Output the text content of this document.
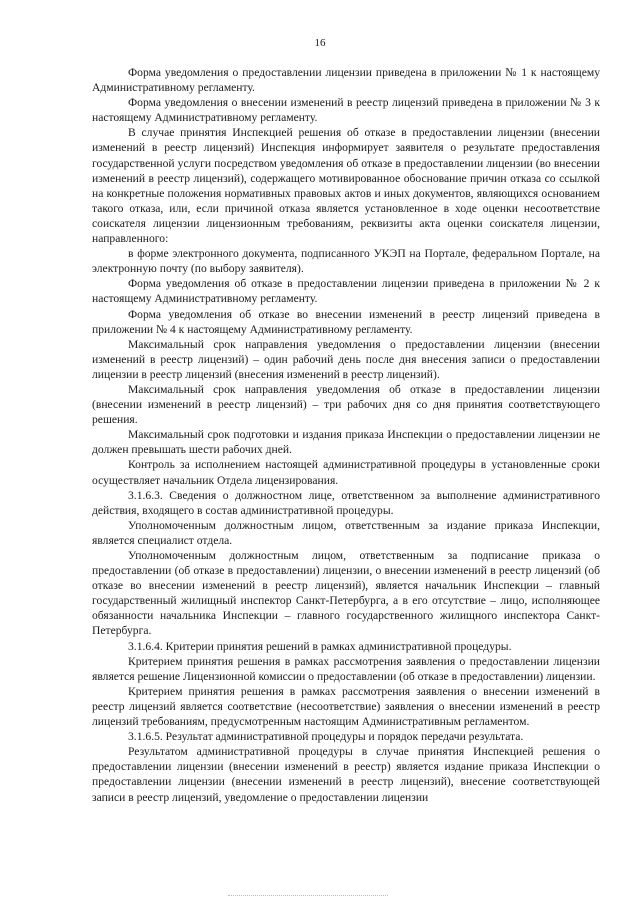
16

Форма уведомления о предоставлении лицензии приведена в приложении № 1 к настоящему Административному регламенту.

Форма уведомления о внесении изменений в реестр лицензий приведена в приложении № 3 к настоящему Административному регламенту.

В случае принятия Инспекцией решения об отказе в предоставлении лицензии (внесении изменений в реестр лицензий) Инспекция информирует заявителя о результате предоставления государственной услуги посредством уведомления об отказе в предоставлении лицензии (во внесении изменений в реестр лицензий), содержащего мотивированное обоснование причин отказа со ссылкой на конкретные положения нормативных правовых актов и иных документов, являющихся основанием такого отказа, или, если причиной отказа является установленное в ходе оценки несоответствие соискателя лицензии лицензионным требованиям, реквизиты акта оценки соискателя лицензии, направленного:

в форме электронного документа, подписанного УКЭП на Портале, федеральном Портале, на электронную почту (по выбору заявителя).

Форма уведомления об отказе в предоставлении лицензии приведена в приложении № 2 к настоящему Административному регламенту.

Форма уведомления об отказе во внесении изменений в реестр лицензий приведена в приложении № 4 к настоящему Административному регламенту.

Максимальный срок направления уведомления о предоставлении лицензии (внесении изменений в реестр лицензий) – один рабочий день после дня внесения записи о предоставлении лицензии в реестр лицензий (внесения изменений в реестр лицензий).

Максимальный срок направления уведомления об отказе в предоставлении лицензии (внесении изменений в реестр лицензий) – три рабочих дня со дня принятия соответствующего решения.

Максимальный срок подготовки и издания приказа Инспекции о предоставлении лицензии не должен превышать шести рабочих дней.

Контроль за исполнением настоящей административной процедуры в установленные сроки осуществляет начальник Отдела лицензирования.

3.1.6.3. Сведения о должностном лице, ответственном за выполнение административного действия, входящего в состав административной процедуры.

Уполномоченным должностным лицом, ответственным за издание приказа Инспекции, является специалист отдела.

Уполномоченным должностным лицом, ответственным за подписание приказа о предоставлении (об отказе в предоставлении) лицензии, о внесении изменений в реестр лицензий (об отказе во внесении изменений в реестр лицензий), является начальник Инспекции – главный государственный жилищный инспектор Санкт-Петербурга, а в его отсутствие – лицо, исполняющее обязанности начальника Инспекции – главного государственного жилищного инспектора Санкт-Петербурга.

3.1.6.4. Критерии принятия решений в рамках административной процедуры.

Критерием принятия решения в рамках рассмотрения заявления о предоставлении лицензии является решение Лицензионной комиссии о предоставлении (об отказе в предоставлении) лицензии.

Критерием принятия решения в рамках рассмотрения заявления о внесении изменений в реестр лицензий является соответствие (несоответствие) заявления о внесении изменений в реестр лицензий требованиям, предусмотренным настоящим Административным регламентом.

3.1.6.5. Результат административной процедуры и порядок передачи результата.

Результатом административной процедуры в случае принятия Инспекцией решения о предоставлении лицензии (внесении изменений в реестр) является издание приказа Инспекции о предоставлении лицензии (внесении изменений в реестр лицензий), внесение соответствующей записи в реестр лицензий, уведомление о предоставлении лицензии
